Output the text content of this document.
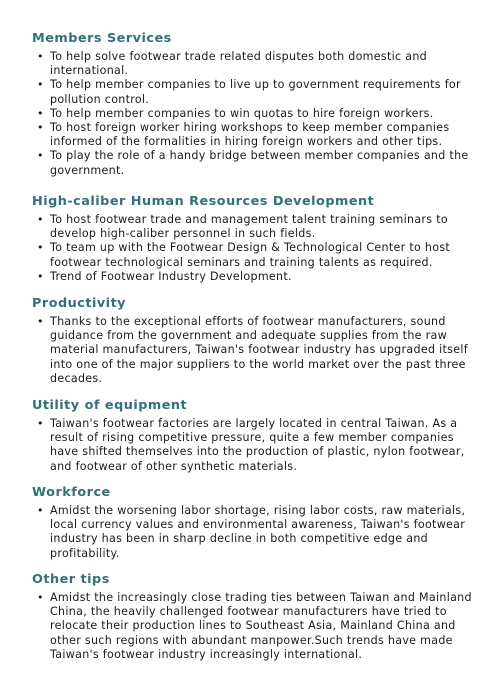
Members Services
• To help solve footwear trade related disputes both domestic and international.
• To help member companies to live up to government requirements for pollution control.
• To help member companies to win quotas to hire foreign workers.
• To host foreign worker hiring workshops to keep member companies informed of the formalities in hiring foreign workers and other tips.
• To play the role of a handy bridge between member companies and the government.
High-caliber Human Resources Development
• To host footwear trade and management talent training seminars to develop high-caliber personnel in such fields.
• To team up with the Footwear Design & Technological Center to host footwear technological seminars and training talents as required.
• Trend of Footwear Industry Development.
Productivity
• Thanks to the exceptional efforts of footwear manufacturers, sound guidance from the government and adequate supplies from the raw material manufacturers, Taiwan's footwear industry has upgraded itself into one of the major suppliers to the world market over the past three decades.
Utility of equipment
• Taiwan's footwear factories are largely located in central Taiwan. As a result of rising competitive pressure, quite a few member companies have shifted themselves into the production of plastic, nylon footwear, and footwear of other synthetic materials.
Workforce
• Amidst the worsening labor shortage, rising labor costs, raw materials, local currency values and environmental awareness, Taiwan's footwear industry has been in sharp decline in both competitive edge and profitability.
Other tips
• Amidst the increasingly close trading ties between Taiwan and Mainland China, the heavily challenged footwear manufacturers have tried to relocate their production lines to Southeast Asia, Mainland China and other such regions with abundant manpower.Such trends have made Taiwan's footwear industry increasingly international.
